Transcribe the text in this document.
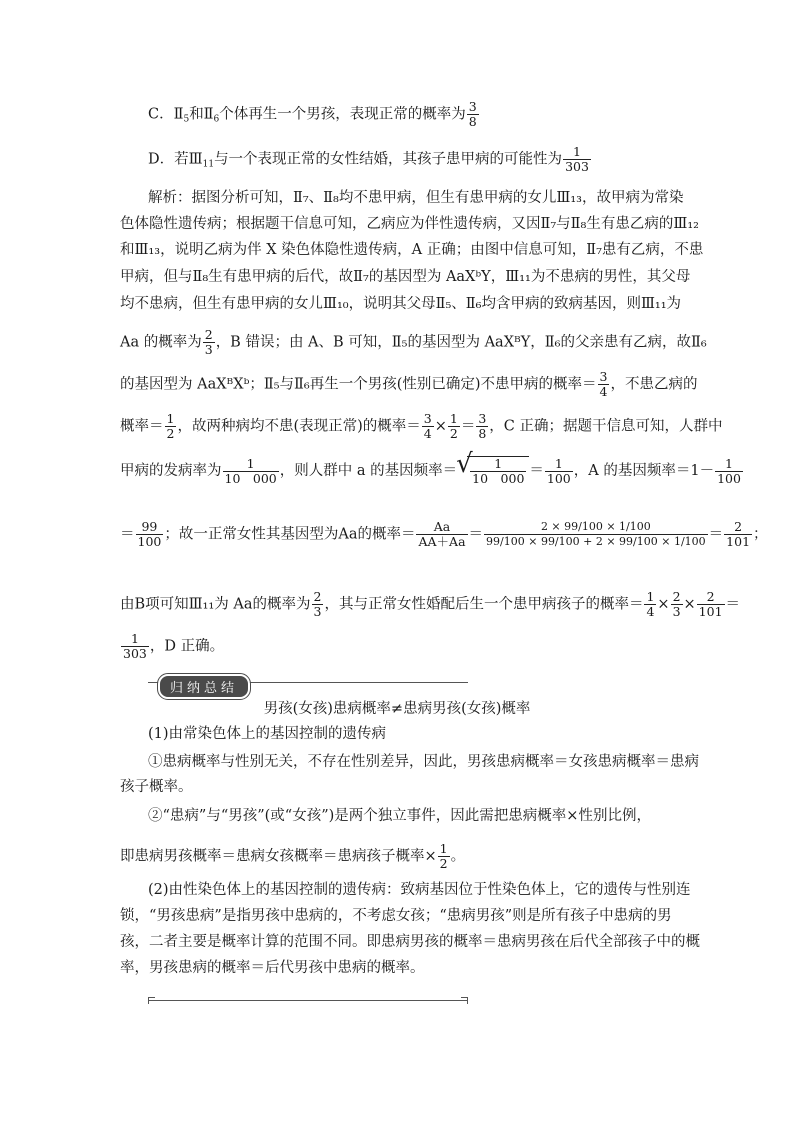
C．$Ⅱ_5$和$Ⅱ_6$个体再生一个男孩，表现正常的概率为 $\frac{3}{8}$
D．若$Ⅲ_{11}$与一个表现正常的女性结婚，其孩子患甲病的可能性为 $\frac{1}{303}$
解析：据图分析可知，Ⅱ₇、Ⅱ₈均不患甲病，但生有患甲病的女儿Ⅲ₁₃，故甲病为常染
色体隐性遗传病；根据题干信息可知，乙病应为伴性遗传病，又因Ⅱ₇与Ⅱ₈生有患乙病的Ⅲ₁₂
和Ⅲ₁₃，说明乙病为伴 X 染色体隐性遗传病，A 正确；由图中信息可知，Ⅱ₇患有乙病，不患
甲病，但与Ⅱ₈生有患甲病的后代，故Ⅱ₇的基因型为 AaXᵇY，Ⅲ₁₁为不患病的男性，其父母
均不患病，但生有患甲病的女儿Ⅲ₁₀，说明其父母Ⅱ₅、Ⅱ₆均含甲病的致病基因，则Ⅲ₁₁为
Aa 的概率为 $\frac{2}{3}$ ，B 错误；由 A、B 可知，Ⅱ₅的基因型为 AaXᴮY，Ⅱ₆的父亲患有乙病，故Ⅱ₆
的基因型为 AaXᴮXᵇ；Ⅱ₅与Ⅱ₆再生一个男孩(性别已确定)不患甲病的概率＝ $\frac{3}{4}$ ，不患乙病的
概率＝ $\frac{1}{2}$ ，故两种病均不患(表现正常)的概率＝ $\frac{3}{4} \times \frac{1}{2} = \frac{3}{8}$ ，C 正确；据题干信息可知，人群中
甲病的发病率为 $\frac{1}{10 000}$ ，则人群中 a 的基因频率＝
√ $\frac{1}{10 000} = \frac{1}{100}$ ，A 的基因频率$=1- \frac{1}{100}$
＝ $\frac{99}{100}$ ；故一正常女性其基因型为Aa的概率＝ $\frac{Aa}{AA+Aa} = \frac{2 \times 99/100 \times 1/100}{99/100 \times 99/100 + 2 \times 99/100 \times 1/100} = \frac{2}{101}$ ；
由B项可知Ⅲ₁₁为 Aa的概率为 $\frac{2}{3}$ ，其与正常女性婚配后生一个患甲病孩子的概率＝ $\frac{1}{4} \times \frac{2}{3} \times \frac{2}{101}$ ＝
$\frac{1}{303}$ ，D 正确。
归纳总结
男孩(女孩)患病概率≠患病男孩(女孩)概率
(1)由常染色体上的基因控制的遗传病
①患病概率与性别无关，不存在性别差异，因此，男孩患病概率＝女孩患病概率＝患病
孩子概率。
②“患病”与“男孩”(或“女孩”)是两个独立事件，因此需把患病概率×性别比例，
即患病男孩概率＝患病女孩概率＝患病孩子概率× $\frac{1}{2}$ 。
(2)由性染色体上的基因控制的遗传病：致病基因位于性染色体上，它的遗传与性别连
锁，“男孩患病”是指男孩中患病的，不考虑女孩；“患病男孩”则是所有孩子中患病的男
孩，二者主要是概率计算的范围不同。即患病男孩的概率＝患病男孩在后代全部孩子中的概
率，男孩患病的概率＝后代男孩中患病的概率。
